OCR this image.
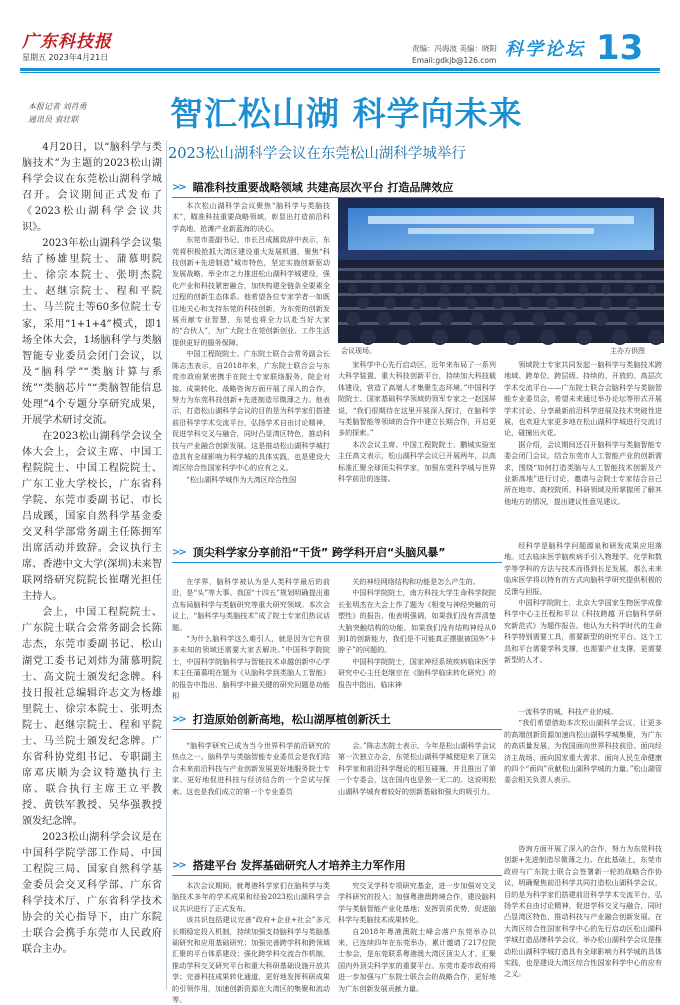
广东科技报
星期五 2023年4月21日
责编：冯海波 美编：晓阳
Email:gdkjb@126.com
科学论坛 13
本报记者 刘肖勇
通讯员 袁壮联	智汇松山湖 科学向未来
2023松山湖科学会议在东莞松山湖科学城举行

4月20日，以“脑科学与类脑技术”为主题的2023松山湖科学会议在东莞松山湖科学城召开。会议期间正式发布了《2023松山湖科学会议共识》。

2023年松山湖科学会议集结了杨雄里院士、蒲慕明院士、徐宗本院士、张明杰院士、赵继宗院士、程和平院士、马兰院士等60多位院士专家，采用“1+1+4”模式，即1场全体大会，1场脑科学与类脑智能专业委员会闭门会议，以及“脑科学”“类脑计算与系统”“类脑芯片”“类脑智能信息处理”4个专题分享研究成果，开展学术研讨交流。

在2023松山湖科学会议全体大会上，会议主席、中国工程院院士、中国工程院院士、广东工业大学校长，广东省科学院、东莞市委副书记、市长吕成蹊，国家自然科学基金委交叉科学部常务副主任陈拥军出席活动并致辞。会议执行主席、香港中文大学(深圳)未来智联网络研究院院长崔曙光担任主持人。

会上，中国工程院院士、广东院士联合会常务副会长陈志杰，东莞市委副书记、松山湖党工委书记刘炜为蒲慕明院士、高文院士颁发纪念牌。科技日报社总编辑许志文为杨雄里院士、徐宗本院士、张明杰院士、赵继宗院士、程和平院士、马兰院士颁发纪念牌。广东省科协党组书记、专职副主席邓庆顺为会议特邀执行主席、联合执行主席王立平教授、黄铁军教授、吴华强教授颁发纪念牌。

2023松山湖科学会议是在中国科学院学部工作局、中国工程院三局、国家自然科学基金委员会交叉科学部、广东省科学技术厅、广东省科学技术协会的关心指导下，由广东院士联合会携手东莞市人民政府联合主办。

>> 瞄准科技重要战略领域 共建高层次平台 打造品牌效应

本次松山湖科学会议聚焦“脑科学与类脑技术”，瞄准科技重要战略领域，彰显出打造前沿科学高地、抢滩产业新蓝海的决心。

东莞市委副书记、市长吕成蹊致辞中表示，东莞将积极抢抓大湾区建设重大发展机遇，聚焦“科技创新+先进制造”城市特色，坚定实施创新驱动发展战略，举全市之力推进松山湖科学城建设，强化产业和科技紧密融合，加快构建全链条全要素全过程的创新生态体系。他希望各位专家学者一如既往地关心和支持东莞的科技创新，为东莞的创新发展贡献专业智慧，东莞也将全力以赴当好大家的“合伙人”，为广大院士在莞创新创业、工作生活提供更好的服务保障。

中国工程院院士、广东院士联合会常务副会长陈志杰表示，自2018年来，广东院士联合会与东莞市政府紧密携手在院士专家联络服务、院企对接、成果转化、战略咨询方面开展了深入的合作，努力为东莞科技创新+先进制造尽微薄之力。他表示，打造松山湖科学会议的目的是为科学家们搭建前沿科学学术交流平台，弘扬学术自由讨论精神，促进学科交叉与融合，同时凸显湾区特色，推动科技与产业融合创新发展。这是推动松山湖科学城打造具有全球影响力科学城的具体实践，也是建设大湾区综合性国家科学中心的应有之义。

“松山湖科学城作为大湾区综合性国

会议现场。	主办方供图

家科学中心先行启动区，近年来布局了一系列大科学装置、重大科技创新平台，持续加大科技载体建设，营造了高端人才集聚生态环境。”中国科学院院士、国家基础科学领域的领军专家之一赵国屏说，“我们很期待在这里开展深入探讨，在脑科学与类脑智能等领域的合作中建立长期合作，开启更多的探索。”

本次会议主席、中国工程院院士、鹏城实验室主任高文表示，松山湖科学会议已开展两年，以高标准汇聚全球顶尖科学家，加强东莞科学城与世界科学前沿的连接。

领域院士专家共同发起一脑科学与类脑技术跨地域、跨单位、跨层级、持续的、开放的、高层次学术交流平台——广东院士联合会脑科学与类脑智能专业委员会，希望未来通过举办论坛等形式开展学术讨论、分享最新前沿科学进展及技术突破性进展，也欢迎大家更多地在松山湖科学城进行交流讨论，碰撞出火花。

据介绍，会议期间还召开脑科学与类脑智能专委会闭门会议，结合东莞市人工智能产业的创新需求，围绕“如何打造类脑与人工智能技术创新及产业新高地”进行讨论，邀请与会院士专家结合自己所在地市、高校院所、科研领域及所掌握所了解其他地方的情况，提出建议性意见建议。

>> 顶尖科学家分享前沿“干货” 跨学科开启“头脑风暴”

在学界，脑科学被认为是人类科学最后的前沿，是“头”等大事。我国“十四五”规划明确提出重点布局脑科学与类脑研究等重大研究领域。本次会议上，“脑科学与类脑技术”成了院士专家们热议话题。

“为什么脑科学这么难引人，就是因为它有很多未知的领域还需要大家去解决。”中国科学院院士，中国科学院脑科学与智能技术卓越创新中心学术主任蒲慕明在题为《从脑科学到类脑人工智能》的报告中指出，脑科学中最关键的研究问题是功能相

关的神经网络结构和功能是怎么产生的。

中国科学院院士，南方科技大学生命科学院院长张明杰在大会上作了题为《相变与神经突触的可塑性》的报告，他表明强调，如果我们没有弄清楚大脑突触结构的功能，如果我们没有结构神经从0到1的创新能力，我们是不可能真正摆脱被国外“卡脖子”的问题的。

中国科学院院士，国家神经系统疾病临床医学研究中心主任赵继宗在《脑科学临床转化研究》的报告中指出，临床神

经科学是脑科学问题源泉和研发成果应用落地。过去临床医学脑疾病手引入物理学、化学和数学等学科的方法与技术而得到长足发展，那么未来临床医学将以特有的方式向脑科学研究提供积极的反馈与回报。

中国科学院院士，北京大学国家生物医学成像科学中心主任程和平以《科技跨越 开启脑科学研究新范式》为题作报告。他认为大科学时代的生命科学特别需要工具，需要新型的研究平台。这个工具和平台需要学科支撑，也需要产业支撑，更需要新型的人才。

>> 打造原始创新高地，松山湖厚植创新沃土

“脑科学研究已成为当今世界科学前沿研究的热点之一。脑科学与类脑智能专业委员会是我们结合未来前沿科技与产业创新发展更好地服务院士专家、更好地促进科技与经济结合的一个尝试与探索。这也是我们成立的第一个专业委员

会。”陈志杰院士表示，今年是松山湖科学会议第一次独立办会，东莞松山湖科学城便迎来了顶尖科学家和前沿科学理论的相互碰撞，并且推出了第一个专委会，这在国内也是独一无二的。这说明松山湖科学城有着较好的创新基础和强大的吸引力。

一流科学的城，科技产业的城。

“我们希望借助本次松山湖科学会议，让更多的高端创新资源加速向松山湖科学城集聚，为广东的高质量发展，为我国面向世界科技前沿、面向经济主战场、面向国家重大需求、面向人民生命健康的四个“面向”贡献松山湖科学城的力量。”松山湖管委会相关负责人表示。

>> 搭建平台 发挥基础研究人才培养主力军作用

本次会议期间，就粤港科学家们在脑科学与类脑技术多年的学术成果和经验2023松山湖科学会议共识进行了正式发布。

该共识包括建议完善“政府+企业+社会”多元长期稳定投入机制，持续加强支持脑科学与类脑基础研究和应用基础研究；加强完善跨学科和跨领域汇聚的平台体系建设；强化跨学科交流合作机制，推动学科交叉研究平台和重大科研基础设施开放共享；完善科技成果转化通道，更好地发挥科研成果的引领作用，加速创新资源在大湾区的集聚和流动等。

究交叉学科专项研究基金，进一步加强对交叉学科研究的投入；加强粤港澳跨境合作，建设脑科学与类脑智能产业化基地；发挥资质优势，促进脑科学与类脑技术成果转化。

自2018年粤港澳院士峰会落户东莞举办以来，已连续四年在东莞举办，累计邀请了217位院士参会，是东莞联系粤港澳大湾区顶尖人才、汇聚国内外顶尖科学家的重要平台。东莞市委市政府将进一步加强与广东院士联合会的战略合作，更好地为广东创新发展贡献力量。

咨询方面开展了深入的合作，努力为东莞科技创新+先进制造尽微薄之力。在此基础上，东莞市政府与广东院士联合会签署新一轮的战略合作协议，明确聚焦前沿科学共同打造松山湖科学会议，目的是为科学家们搭建前沿科学学术交流平台，弘扬学术自由讨论精神，促进学科交叉与融合，同时凸显湾区特色，推动科技与产业融合创新发展。在大湾区综合性国家科学中心的先行启动区松山湖科学城打造品牌科学会议，举办松山湖科学会议是推动松山湖科学城打造具有全球影响力科学城的具体实践，也是建设大湾区综合性国家科学中心的应有之义。
